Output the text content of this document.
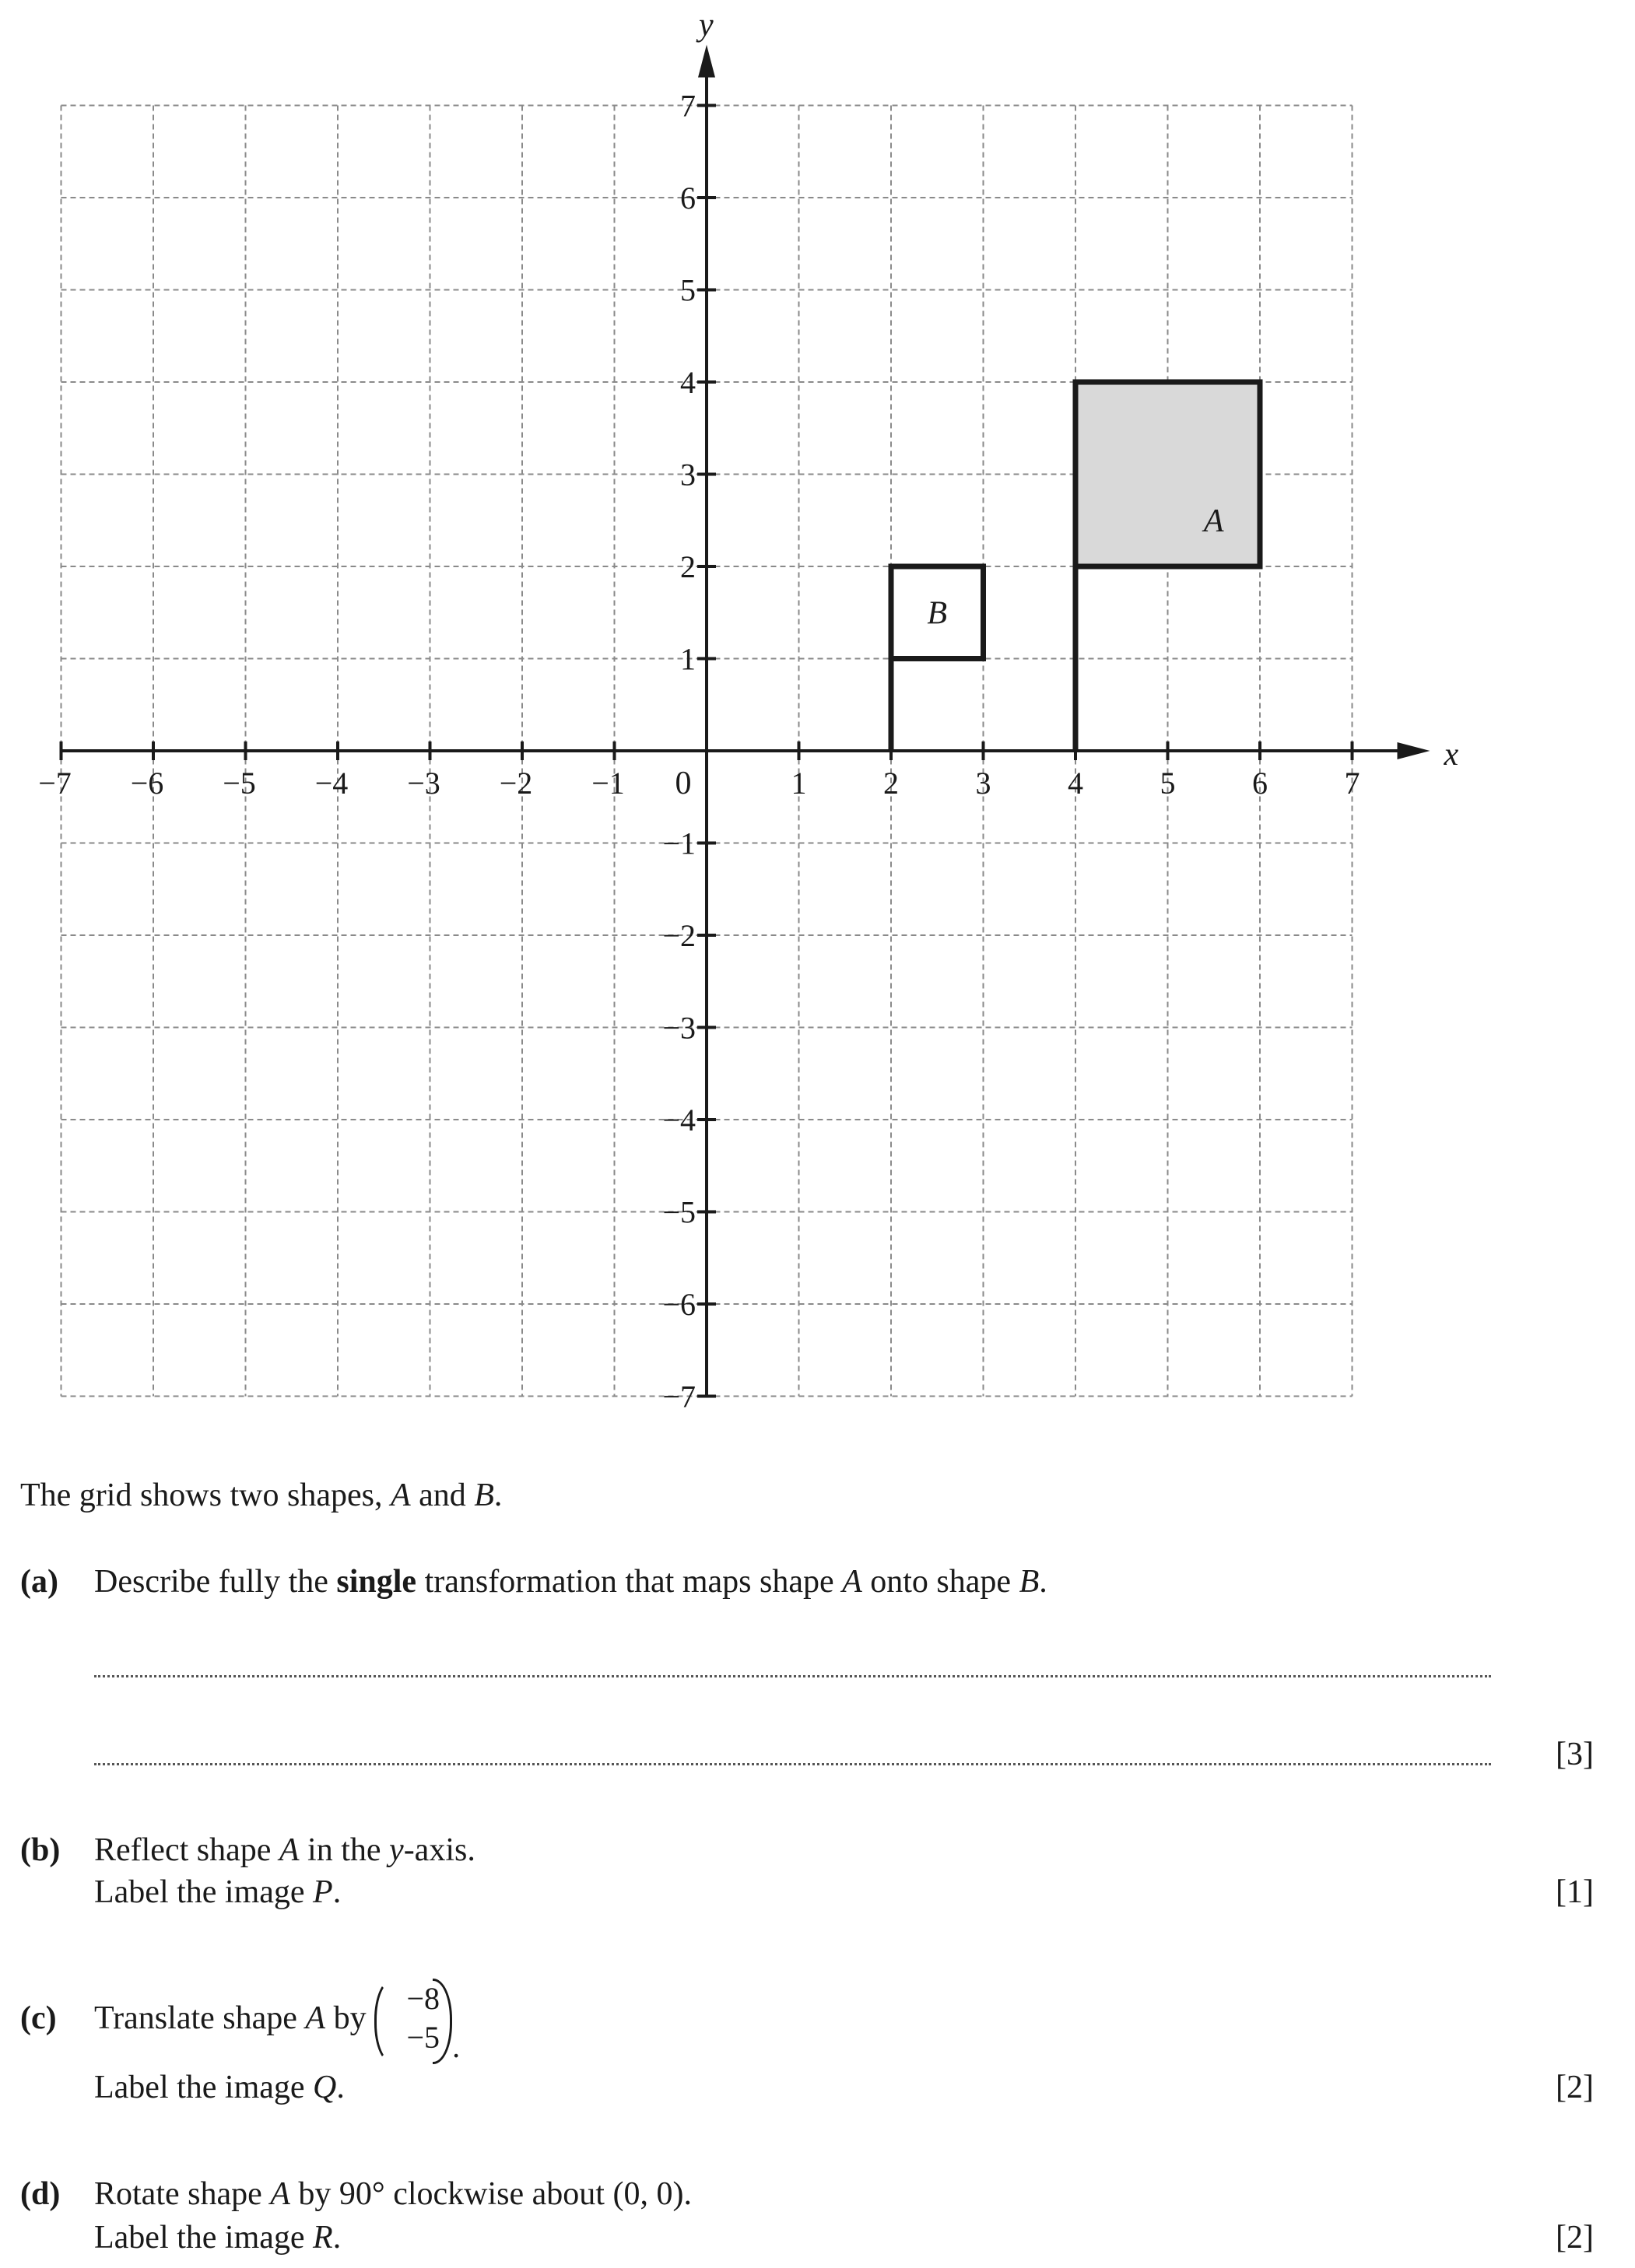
A
B
−7 −6 −5 −4 −3 −2 −1	1 2 3 4 5 6 7
7
6
5
4
3
2
1
−1
−2
−3
−4
−5
−6
−7
x
y
0
The grid shows two shapes, A and B.
(a) Describe fully the single transformation that maps shape A onto shape B.
[3]
(b) Reflect shape A in the y-axis.
Label the image P.	[1]
(c) Translate shape A by
−8
−5 .
Label the image Q.	[2]
(d) Rotate shape A by 90° clockwise about (0, 0).
Label the image R.	[2]
